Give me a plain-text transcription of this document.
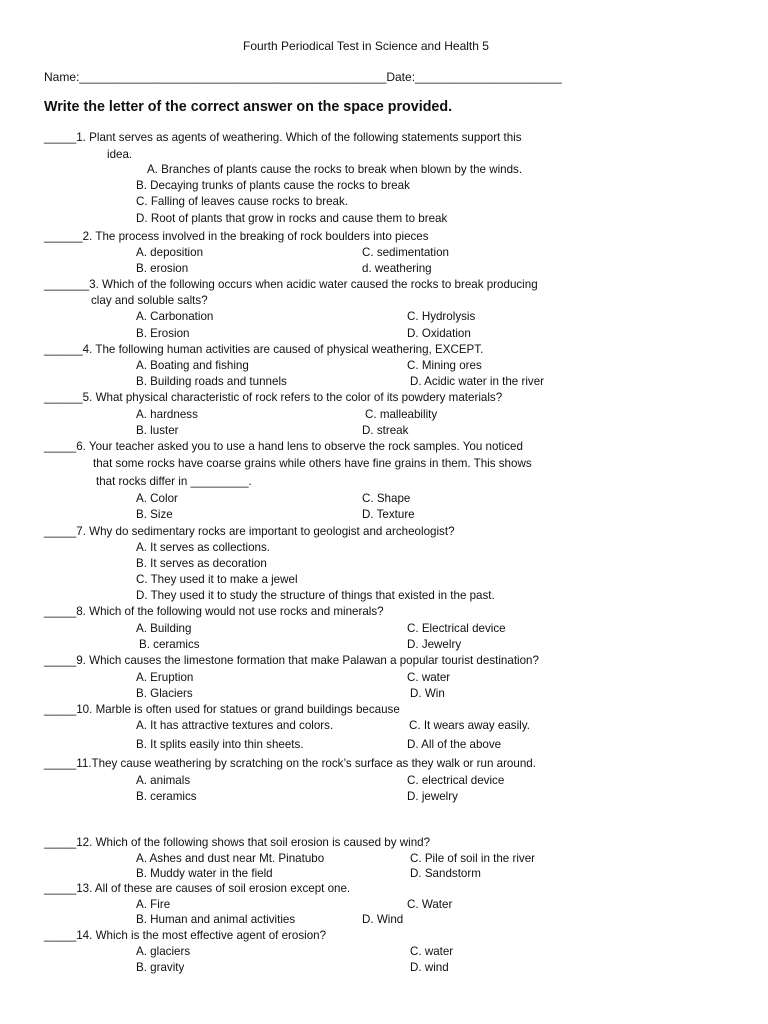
Fourth Periodical Test in Science and Health 5
Name:______________________________________________Date:______________________
Write the letter of the correct answer on the space provided.
_____1. Plant serves as agents of weathering. Which of the following statements support this
idea.
A. Branches of plants cause the rocks to break when blown by the winds.
B. Decaying trunks of plants cause the rocks to break
C. Falling of leaves cause rocks to break.
D. Root of plants that grow in rocks and cause them to break
______2. The process involved in the breaking of rock boulders into pieces
A. deposition	C. sedimentation
B. erosion	d. weathering
_______3. Which of the following occurs when acidic water caused the rocks to break producing
clay and soluble salts?
A. Carbonation	C. Hydrolysis
B. Erosion	D. Oxidation
______4. The following human activities are caused of physical weathering, EXCEPT.
A. Boating and fishing	C. Mining ores
B. Building roads and tunnels	D. Acidic water in the river
______5. What physical characteristic of rock refers to the color of its powdery materials?
A. hardness	C. malleability
B. luster	D. streak
_____6. Your teacher asked you to use a hand lens to observe the rock samples. You noticed
that some rocks have coarse grains while others have fine grains in them. This shows
that rocks differ in _________.
A. Color	C. Shape
B. Size	D. Texture
_____7. Why do sedimentary rocks are important to geologist and archeologist?
A. It serves as collections.
B. It serves as decoration
C. They used it to make a jewel
D. They used it to study the structure of things that existed in the past.
_____8. Which of the following would not use rocks and minerals?
A. Building	C. Electrical device
B. ceramics	D. Jewelry
_____9. Which causes the limestone formation that make Palawan a popular tourist destination?
A. Eruption	C. water
B. Glaciers	D. Win
_____10. Marble is often used for statues or grand buildings because
A. It has attractive textures and colors.	C. It wears away easily.
B. It splits easily into thin sheets.	D. All of the above
_____11.They cause weathering by scratching on the rock’s surface as they walk or run around.
A. animals	C. electrical device
B. ceramics	D. jewelry
_____12. Which of the following shows that soil erosion is caused by wind?
A. Ashes and dust near Mt. Pinatubo	C. Pile of soil in the river
B. Muddy water in the field	D. Sandstorm
_____13. All of these are causes of soil erosion except one.
A. Fire	C. Water
B. Human and animal activities	D. Wind
_____14. Which is the most effective agent of erosion?
A. glaciers	C. water
B. gravity	D. wind
